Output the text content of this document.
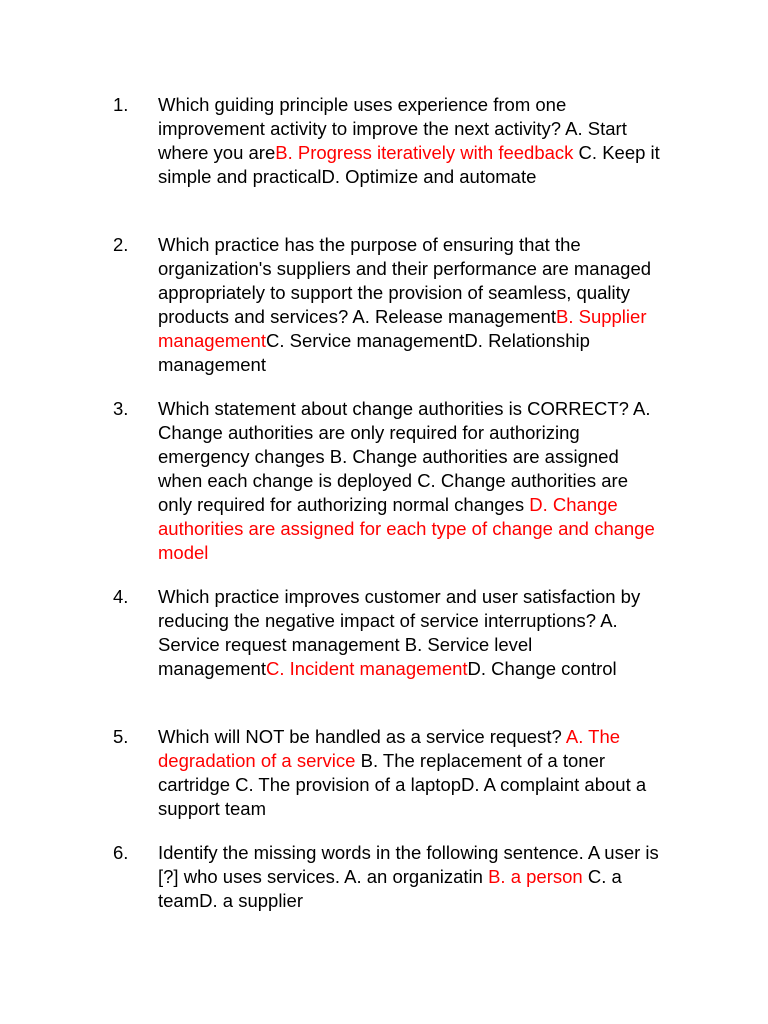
1. Which guiding principle uses experience from one improvement activity to improve the next activity? A. Start where you areB. Progress iteratively with feedback C. Keep it simple and practicalD. Optimize and automate
2. Which practice has the purpose of ensuring that the organization's suppliers and their performance are managed appropriately to support the provision of seamless, quality products and services? A. Release managementB. Supplier managementC. Service managementD. Relationship management
3. Which statement about change authorities is CORRECT? A. Change authorities are only required for authorizing emergency changes B. Change authorities are assigned when each change is deployed C. Change authorities are only required for authorizing normal changes D. Change authorities are assigned for each type of change and change model
4. Which practice improves customer and user satisfaction by reducing the negative impact of service interruptions? A. Service request management B. Service level managementC. Incident managementD. Change control
5. Which will NOT be handled as a service request? A. The degradation of a service B. The replacement of a toner cartridge C. The provision of a laptopD. A complaint about a support team
6. Identify the missing words in the following sentence. A user is [?] who uses services. A. an organizatin B. a person C. a teamD. a supplier
